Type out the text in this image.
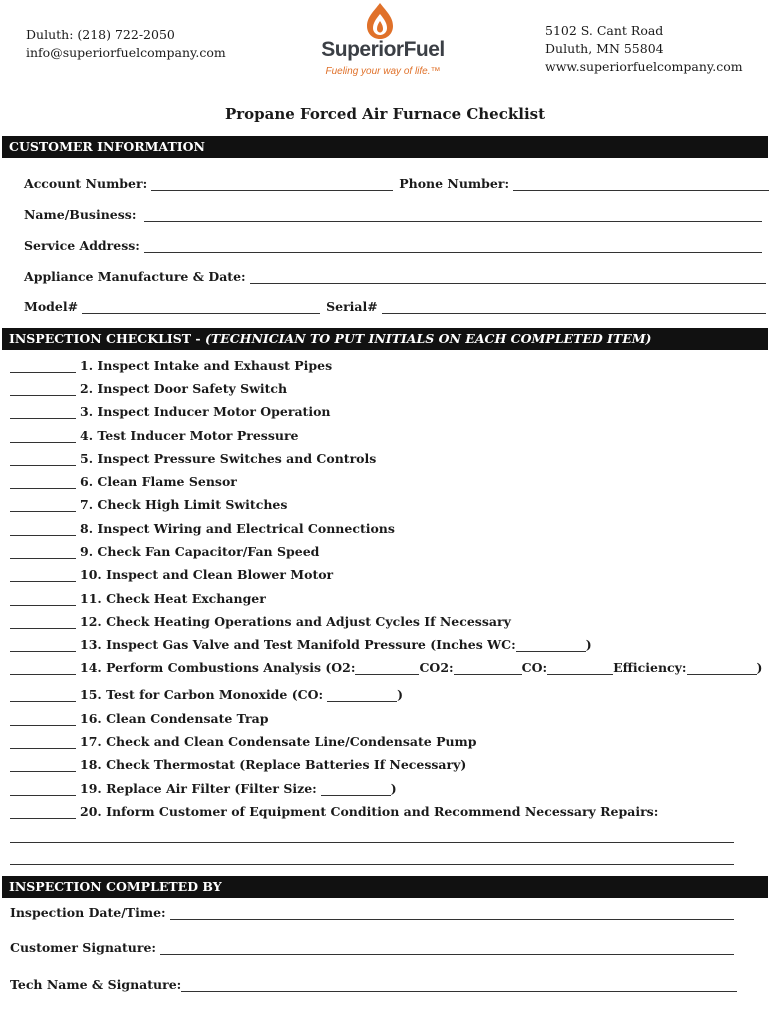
Duluth: (218) 722-2050
info@superiorfuelcompany.com	SuperiorFuel
Fueling your way of life.™
5102 S. Cant Road
Duluth, MN 55804
www.superiorfuelcompany.com
Propane Forced Air Furnace Checklist
CUSTOMER INFORMATION
Account Number:	Phone Number:
Name/Business:
Service Address:
Appliance Manufacture & Date:
Model#	Serial#
INSPECTION CHECKLIST - (TECHNICIAN TO PUT INITIALS ON EACH COMPLETED ITEM)
1. Inspect Intake and Exhaust Pipes
2. Inspect Door Safety Switch
3. Inspect Inducer Motor Operation
4. Test Inducer Motor Pressure
5. Inspect Pressure Switches and Controls
6. Clean Flame Sensor
7. Check High Limit Switches
8. Inspect Wiring and Electrical Connections
9. Check Fan Capacitor/Fan Speed
10. Inspect and Clean Blower Motor
11. Check Heat Exchanger
12. Check Heating Operations and Adjust Cycles If Necessary
13. Inspect Gas Valve and Test Manifold Pressure (Inches WC:	)
14. Perform Combustions Analysis (O2:	CO2:	CO:	Efficiency:	)
15. Test for Carbon Monoxide (CO:	)
16. Clean Condensate Trap
17. Check and Clean Condensate Line/Condensate Pump
18. Check Thermostat (Replace Batteries If Necessary)
19. Replace Air Filter (Filter Size:	)
20. Inform Customer of Equipment Condition and Recommend Necessary Repairs:
INSPECTION COMPLETED BY
Inspection Date/Time:
Customer Signature:
Tech Name & Signature:
